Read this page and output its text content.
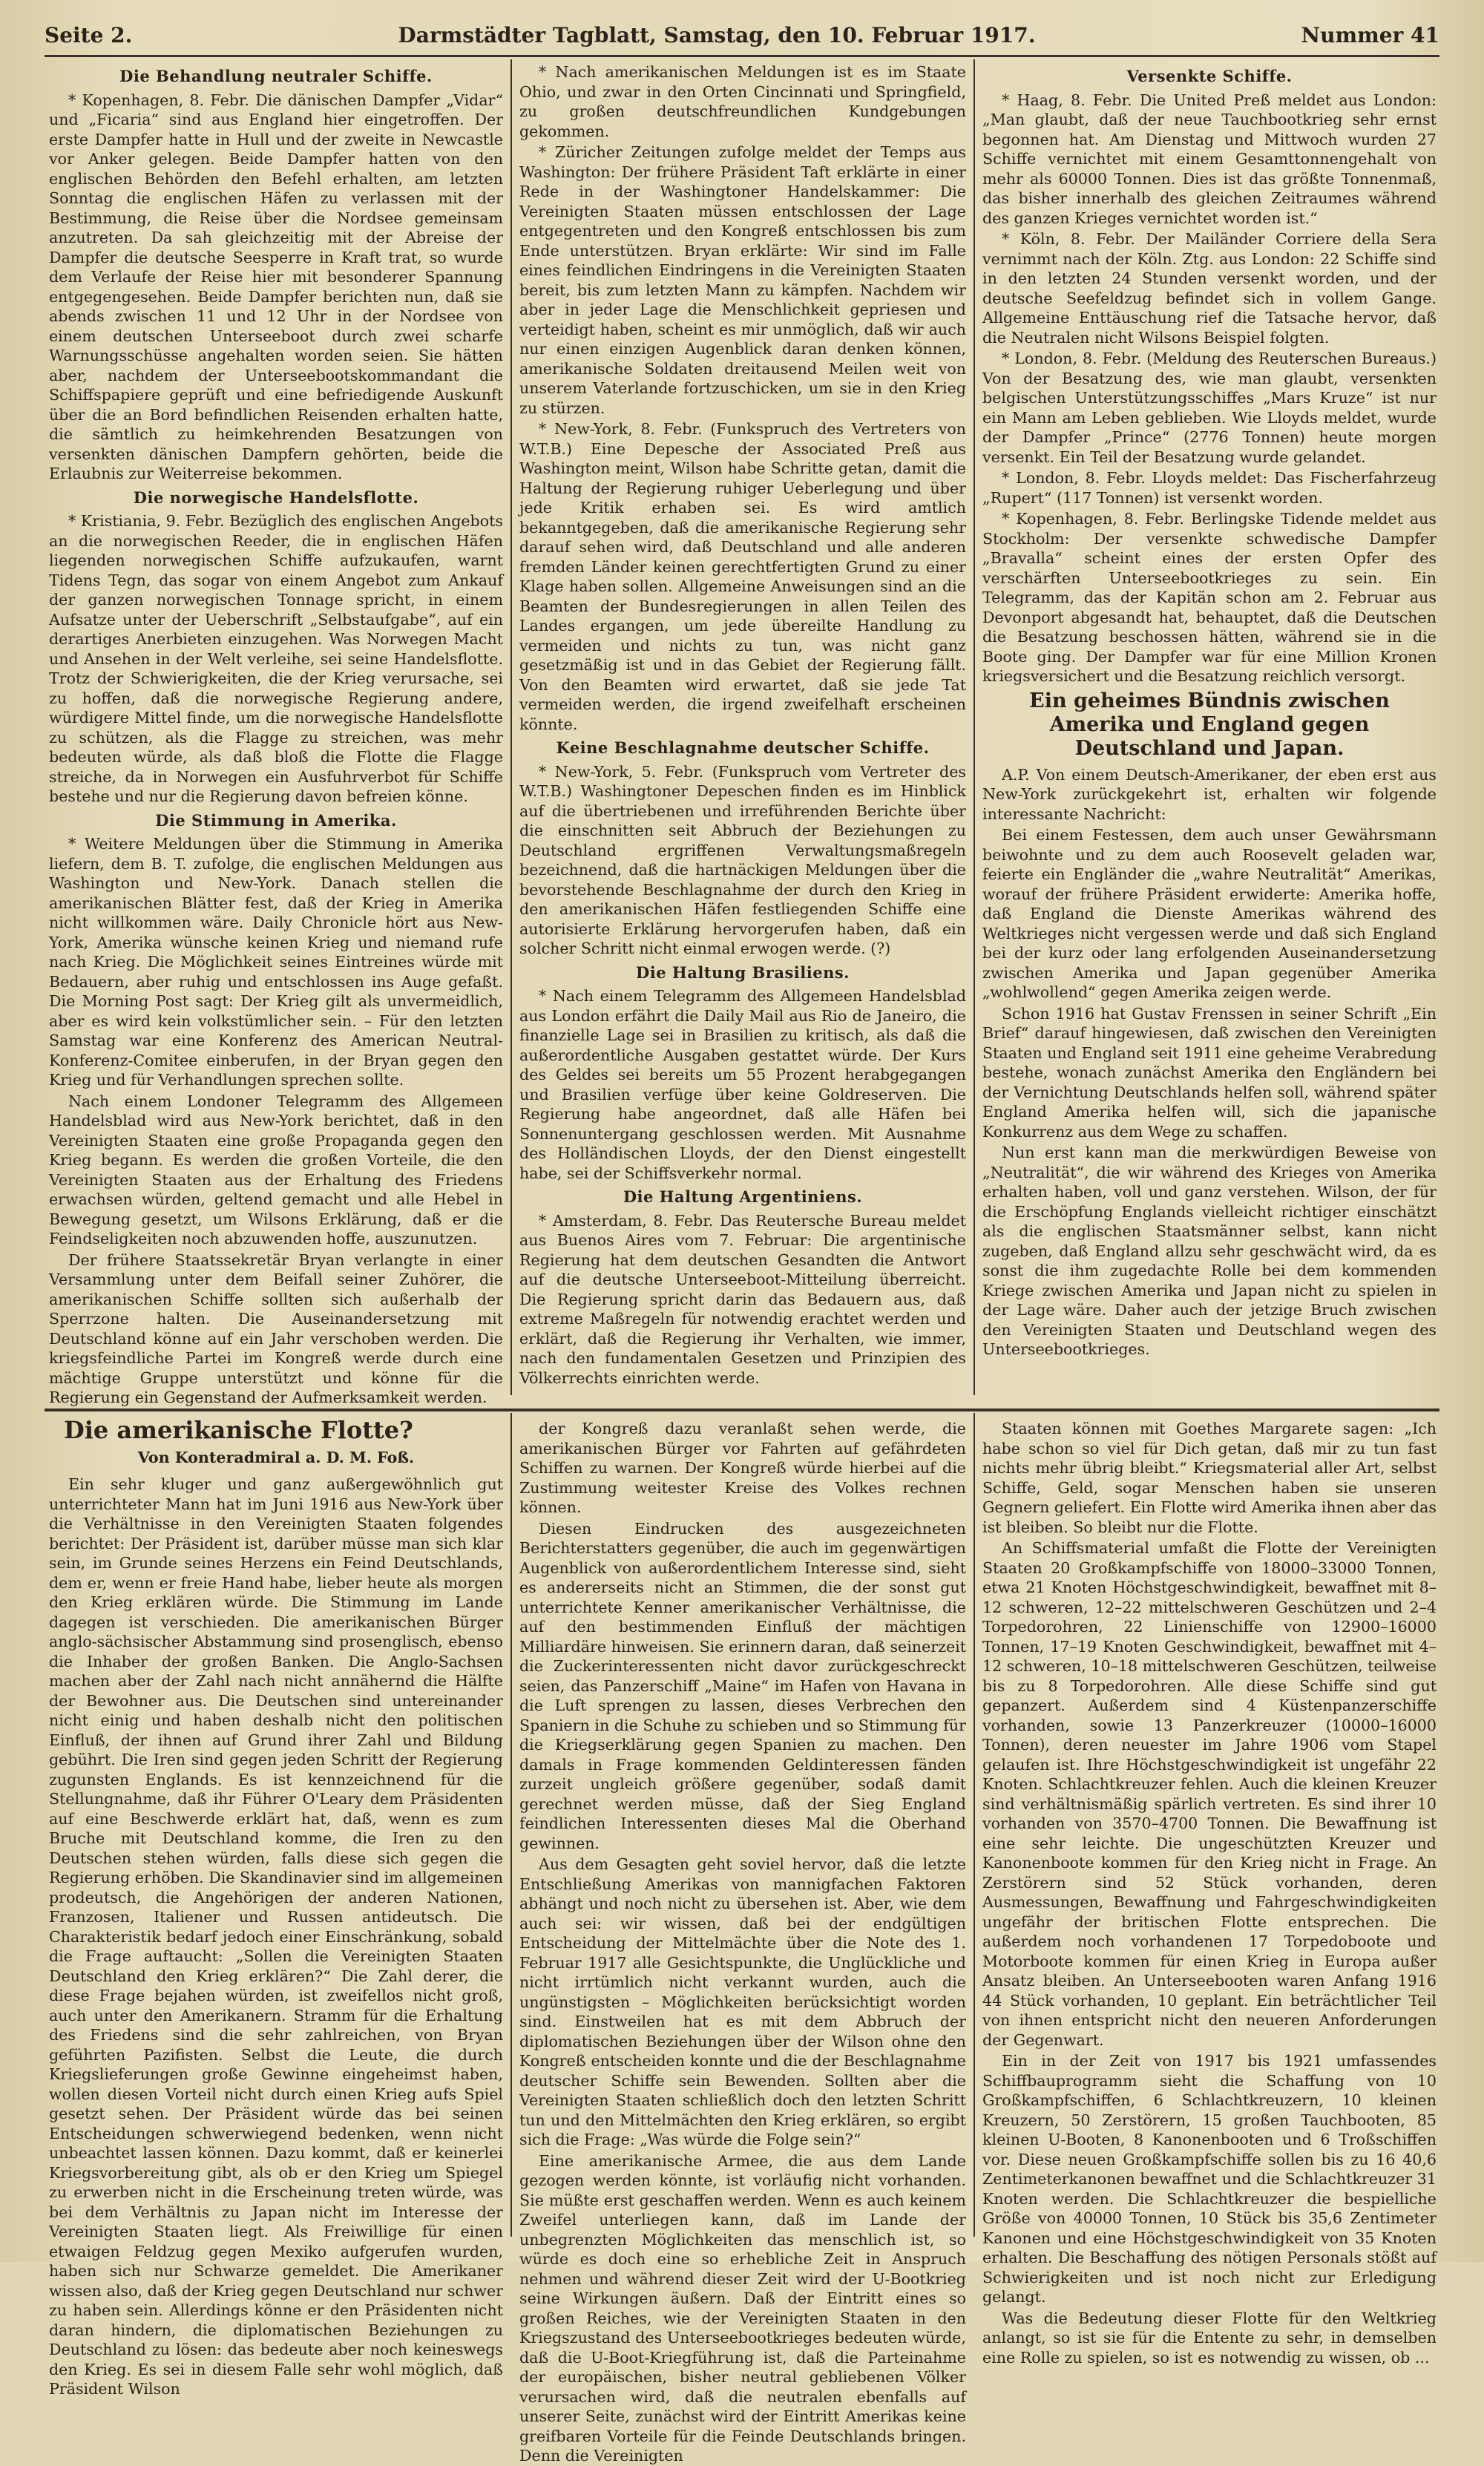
Seite 2.	Darmstädter Tagblatt, Samstag, den 10. Februar 1917.	Nummer 41
Die Behandlung neutraler Schiffe.

* Kopenhagen, 8. Febr. Die dänischen Dampfer „Vidar“ und „Ficaria“ sind aus England hier eingetroffen. Der erste Dampfer hatte in Hull und der zweite in Newcastle vor Anker gelegen. Beide Dampfer hatten von den englischen Behörden den Befehl erhalten, am letzten Sonntag die englischen Häfen zu verlassen mit der Bestimmung, die Reise über die Nordsee gemeinsam anzutreten. Da sah gleichzeitig mit der Abreise der Dampfer die deutsche Seesperre in Kraft trat, so wurde dem Verlaufe der Reise hier mit besonderer Spannung entgegengesehen. Beide Dampfer berichten nun, daß sie abends zwischen 11 und 12 Uhr in der Nordsee von einem deutschen Unterseeboot durch zwei scharfe Warnungsschüsse angehalten worden seien. Sie hätten aber, nachdem der Unterseebootskommandant die Schiffspapiere geprüft und eine befriedigende Auskunft über die an Bord befindlichen Reisenden erhalten hatte, die sämtlich zu heimkehrenden Besatzungen von versenkten dänischen Dampfern gehörten, beide die Erlaubnis zur Weiterreise bekommen.

Die norwegische Handelsflotte.

* Kristiania, 9. Febr. Bezüglich des englischen Angebots an die norwegischen Reeder, die in englischen Häfen liegenden norwegischen Schiffe aufzukaufen, warnt Tidens Tegn, das sogar von einem Angebot zum Ankauf der ganzen norwegischen Tonnage spricht, in einem Aufsatze unter der Ueberschrift „Selbstaufgabe“, auf ein derartiges Anerbieten einzugehen. Was Norwegen Macht und Ansehen in der Welt verleihe, sei seine Handelsflotte. Trotz der Schwierigkeiten, die der Krieg verursache, sei zu hoffen, daß die norwegische Regierung andere, würdigere Mittel finde, um die norwegische Handelsflotte zu schützen, als die Flagge zu streichen, was mehr bedeuten würde, als daß bloß die Flotte die Flagge streiche, da in Norwegen ein Ausfuhrverbot für Schiffe bestehe und nur die Regierung davon befreien könne.

Die Stimmung in Amerika.

* Weitere Meldungen über die Stimmung in Amerika liefern, dem B. T. zufolge, die englischen Meldungen aus Washington und New-York. Danach stellen die amerikanischen Blätter fest, daß der Krieg in Amerika nicht willkommen wäre. Daily Chronicle hört aus New-York, Amerika wünsche keinen Krieg und niemand rufe nach Krieg. Die Möglichkeit seines Eintreines würde mit Bedauern, aber ruhig und entschlossen ins Auge gefaßt. Die Morning Post sagt: Der Krieg gilt als unvermeidlich, aber es wird kein volkstümlicher sein. – Für den letzten Samstag war eine Konferenz des American Neutral-Konferenz-Comitee einberufen, in der Bryan gegen den Krieg und für Verhandlungen sprechen sollte.

Nach einem Londoner Telegramm des Allgemeen Handelsblad wird aus New-York berichtet, daß in den Vereinigten Staaten eine große Propaganda gegen den Krieg begann. Es werden die großen Vorteile, die den Vereinigten Staaten aus der Erhaltung des Friedens erwachsen würden, geltend gemacht und alle Hebel in Bewegung gesetzt, um Wilsons Erklärung, daß er die Feindseligkeiten noch abzuwenden hoffe, auszunutzen.

Der frühere Staatssekretär Bryan verlangte in einer Versammlung unter dem Beifall seiner Zuhörer, die amerikanischen Schiffe sollten sich außerhalb der Sperrzone halten. Die Auseinandersetzung mit Deutschland könne auf ein Jahr verschoben werden. Die kriegsfeindliche Partei im Kongreß werde durch eine mächtige Gruppe unterstützt und könne für die Regierung ein Gegenstand der Aufmerksamkeit werden.

* Nach amerikanischen Meldungen ist es im Staate Ohio, und zwar in den Orten Cincinnati und Springfield, zu großen deutschfreundlichen Kundgebungen gekommen.

* Züricher Zeitungen zufolge meldet der Temps aus Washington: Der frühere Präsident Taft erklärte in einer Rede in der Washingtoner Handelskammer: Die Vereinigten Staaten müssen entschlossen der Lage entgegentreten und den Kongreß entschlossen bis zum Ende unterstützen. Bryan erklärte: Wir sind im Falle eines feindlichen Eindringens in die Vereinigten Staaten bereit, bis zum letzten Mann zu kämpfen. Nachdem wir aber in jeder Lage die Menschlichkeit gepriesen und verteidigt haben, scheint es mir unmöglich, daß wir auch nur einen einzigen Augenblick daran denken können, amerikanische Soldaten dreitausend Meilen weit von unserem Vaterlande fortzuschicken, um sie in den Krieg zu stürzen.

* New-York, 8. Febr. (Funkspruch des Vertreters von W.T.B.) Eine Depesche der Associated Preß aus Washington meint, Wilson habe Schritte getan, damit die Haltung der Regierung ruhiger Ueberlegung und über jede Kritik erhaben sei. Es wird amtlich bekanntgegeben, daß die amerikanische Regierung sehr darauf sehen wird, daß Deutschland und alle anderen fremden Länder keinen gerechtfertigten Grund zu einer Klage haben sollen. Allgemeine Anweisungen sind an die Beamten der Bundesregierungen in allen Teilen des Landes ergangen, um jede übereilte Handlung zu vermeiden und nichts zu tun, was nicht ganz gesetzmäßig ist und in das Gebiet der Regierung fällt. Von den Beamten wird erwartet, daß sie jede Tat vermeiden werden, die irgend zweifelhaft erscheinen könnte.

Keine Beschlagnahme deutscher Schiffe.

* New-York, 5. Febr. (Funkspruch vom Vertreter des W.T.B.) Washingtoner Depeschen finden es im Hinblick auf die übertriebenen und irreführenden Berichte über die einschnitten seit Abbruch der Beziehungen zu Deutschland ergriffenen Verwaltungsmaßregeln bezeichnend, daß die hartnäckigen Meldungen über die bevorstehende Beschlagnahme der durch den Krieg in den amerikanischen Häfen festliegenden Schiffe eine autorisierte Erklärung hervorgerufen haben, daß ein solcher Schritt nicht einmal erwogen werde. (?)

Die Haltung Brasiliens.

* Nach einem Telegramm des Allgemeen Handelsblad aus London erfährt die Daily Mail aus Rio de Janeiro, die finanzielle Lage sei in Brasilien zu kritisch, als daß die außerordentliche Ausgaben gestattet würde. Der Kurs des Geldes sei bereits um 55 Prozent herabgegangen und Brasilien verfüge über keine Goldreserven. Die Regierung habe angeordnet, daß alle Häfen bei Sonnenuntergang geschlossen werden. Mit Ausnahme des Holländischen Lloyds, der den Dienst eingestellt habe, sei der Schiffsverkehr normal.

Die Haltung Argentiniens.

* Amsterdam, 8. Febr. Das Reutersche Bureau meldet aus Buenos Aires vom 7. Februar: Die argentinische Regierung hat dem deutschen Gesandten die Antwort auf die deutsche Unterseeboot-Mitteilung überreicht. Die Regierung spricht darin das Bedauern aus, daß extreme Maßregeln für notwendig erachtet werden und erklärt, daß die Regierung ihr Verhalten, wie immer, nach den fundamentalen Gesetzen und Prinzipien des Völkerrechts einrichten werde.

Versenkte Schiffe.

* Haag, 8. Febr. Die United Preß meldet aus London: „Man glaubt, daß der neue Tauchbootkrieg sehr ernst begonnen hat. Am Dienstag und Mittwoch wurden 27 Schiffe vernichtet mit einem Gesamttonnengehalt von mehr als 60000 Tonnen. Dies ist das größte Tonnenmaß, das bisher innerhalb des gleichen Zeitraumes während des ganzen Krieges vernichtet worden ist.“

* Köln, 8. Febr. Der Mailänder Corriere della Sera vernimmt nach der Köln. Ztg. aus London: 22 Schiffe sind in den letzten 24 Stunden versenkt worden, und der deutsche Seefeldzug befindet sich in vollem Gange. Allgemeine Enttäuschung rief die Tatsache hervor, daß die Neutralen nicht Wilsons Beispiel folgten.

* London, 8. Febr. (Meldung des Reuterschen Bureaus.) Von der Besatzung des, wie man glaubt, versenkten belgischen Unterstützungsschiffes „Mars Kruze“ ist nur ein Mann am Leben geblieben. Wie Lloyds meldet, wurde der Dampfer „Prince“ (2776 Tonnen) heute morgen versenkt. Ein Teil der Besatzung wurde gelandet.

* London, 8. Febr. Lloyds meldet: Das Fischerfahrzeug „Rupert“ (117 Tonnen) ist versenkt worden.

* Kopenhagen, 8. Febr. Berlingske Tidende meldet aus Stockholm: Der versenkte schwedische Dampfer „Bravalla“ scheint eines der ersten Opfer des verschärften Unterseebootkrieges zu sein. Ein Telegramm, das der Kapitän schon am 2. Februar aus Devonport abgesandt hat, behauptet, daß die Deutschen die Besatzung beschossen hätten, während sie in die Boote ging. Der Dampfer war für eine Million Kronen kriegsversichert und die Besatzung reichlich versorgt.

Ein geheimes Bündnis zwischen Amerika und England gegen Deutschland und Japan.

A.P. Von einem Deutsch-Amerikaner, der eben erst aus New-York zurückgekehrt ist, erhalten wir folgende interessante Nachricht:

Bei einem Festessen, dem auch unser Gewährsmann beiwohnte und zu dem auch Roosevelt geladen war, feierte ein Engländer die „wahre Neutralität“ Amerikas, worauf der frühere Präsident erwiderte: Amerika hoffe, daß England die Dienste Amerikas während des Weltkrieges nicht vergessen werde und daß sich England bei der kurz oder lang erfolgenden Auseinandersetzung zwischen Amerika und Japan gegenüber Amerika „wohlwollend“ gegen Amerika zeigen werde.

Schon 1916 hat Gustav Frenssen in seiner Schrift „Ein Brief“ darauf hingewiesen, daß zwischen den Vereinigten Staaten und England seit 1911 eine geheime Verabredung bestehe, wonach zunächst Amerika den Engländern bei der Vernichtung Deutschlands helfen soll, während später England Amerika helfen will, sich die japanische Konkurrenz aus dem Wege zu schaffen.

Nun erst kann man die merkwürdigen Beweise von „Neutralität“, die wir während des Krieges von Amerika erhalten haben, voll und ganz verstehen. Wilson, der für die Erschöpfung Englands vielleicht richtiger einschätzt als die englischen Staatsmänner selbst, kann nicht zugeben, daß England allzu sehr geschwächt wird, da es sonst die ihm zugedachte Rolle bei dem kommenden Kriege zwischen Amerika und Japan nicht zu spielen in der Lage wäre. Daher auch der jetzige Bruch zwischen den Vereinigten Staaten und Deutschland wegen des Unterseebootkrieges.

Die amerikanische Flotte?

Von Konteradmiral a. D. M. Foß.

Ein sehr kluger und ganz außergewöhnlich gut unterrichteter Mann hat im Juni 1916 aus New-York über die Verhältnisse in den Vereinigten Staaten folgendes berichtet: Der Präsident ist, darüber müsse man sich klar sein, im Grunde seines Herzens ein Feind Deutschlands, dem er, wenn er freie Hand habe, lieber heute als morgen den Krieg erklären würde. Die Stimmung im Lande dagegen ist verschieden. Die amerikanischen Bürger anglo-sächsischer Abstammung sind prosenglisch, ebenso die Inhaber der großen Banken. Die Anglo-Sachsen machen aber der Zahl nach nicht annähernd die Hälfte der Bewohner aus. Die Deutschen sind untereinander nicht einig und haben deshalb nicht den politischen Einfluß, der ihnen auf Grund ihrer Zahl und Bildung gebührt. Die Iren sind gegen jeden Schritt der Regierung zugunsten Englands. Es ist kennzeichnend für die Stellungnahme, daß ihr Führer O'Leary dem Präsidenten auf eine Beschwerde erklärt hat, daß, wenn es zum Bruche mit Deutschland komme, die Iren zu den Deutschen stehen würden, falls diese sich gegen die Regierung erhöben. Die Skandinavier sind im allgemeinen prodeutsch, die Angehörigen der anderen Nationen, Franzosen, Italiener und Russen antideutsch. Die Charakteristik bedarf jedoch einer Einschränkung, sobald die Frage auftaucht: „Sollen die Vereinigten Staaten Deutschland den Krieg erklären?“ Die Zahl derer, die diese Frage bejahen würden, ist zweifellos nicht groß, auch unter den Amerikanern. Stramm für die Erhaltung des Friedens sind die sehr zahlreichen, von Bryan geführten Pazifisten. Selbst die Leute, die durch Kriegslieferungen große Gewinne eingeheimst haben, wollen diesen Vorteil nicht durch einen Krieg aufs Spiel gesetzt sehen. Der Präsident würde das bei seinen Entscheidungen schwerwiegend bedenken, wenn nicht unbeachtet lassen können. Dazu kommt, daß er keinerlei Kriegsvorbereitung gibt, als ob er den Krieg um Spiegel zu erwerben nicht in die Erscheinung treten würde, was bei dem Verhältnis zu Japan nicht im Interesse der Vereinigten Staaten liegt. Als Freiwillige für einen etwaigen Feldzug gegen Mexiko aufgerufen wurden, haben sich nur Schwarze gemeldet. Die Amerikaner wissen also, daß der Krieg gegen Deutschland nur schwer zu haben sein. Allerdings könne er den Präsidenten nicht daran hindern, die diplomatischen Beziehungen zu Deutschland zu lösen: das bedeute aber noch keineswegs den Krieg. Es sei in diesem Falle sehr wohl möglich, daß Präsident Wilson

der Kongreß dazu veranlaßt sehen werde, die amerikanischen Bürger vor Fahrten auf gefährdeten Schiffen zu warnen. Der Kongreß würde hierbei auf die Zustimmung weitester Kreise des Volkes rechnen können.

Diesen Eindrucken des ausgezeichneten Berichterstatters gegenüber, die auch im gegenwärtigen Augenblick von außerordentlichem Interesse sind, sieht es andererseits nicht an Stimmen, die der sonst gut unterrichtete Kenner amerikanischer Verhältnisse, die auf den bestimmenden Einfluß der mächtigen Milliardäre hinweisen. Sie erinnern daran, daß seinerzeit die Zuckerinteressenten nicht davor zurückgeschreckt seien, das Panzerschiff „Maine“ im Hafen von Havana in die Luft sprengen zu lassen, dieses Verbrechen den Spaniern in die Schuhe zu schieben und so Stimmung für die Kriegserklärung gegen Spanien zu machen. Den damals in Frage kommenden Geldinteressen fänden zurzeit ungleich größere gegenüber, sodaß damit gerechnet werden müsse, daß der Sieg England feindlichen Interessenten dieses Mal die Oberhand gewinnen.

Aus dem Gesagten geht soviel hervor, daß die letzte Entschließung Amerikas von mannigfachen Faktoren abhängt und noch nicht zu übersehen ist. Aber, wie dem auch sei: wir wissen, daß bei der endgültigen Entscheidung der Mittelmächte über die Note des 1. Februar 1917 alle Gesichtspunkte, die Unglückliche und nicht irrtümlich nicht verkannt wurden, auch die ungünstigsten – Möglichkeiten berücksichtigt worden sind. Einstweilen hat es mit dem Abbruch der diplomatischen Beziehungen über der Wilson ohne den Kongreß entscheiden konnte und die der Beschlagnahme deutscher Schiffe sein Bewenden. Sollten aber die Vereinigten Staaten schließlich doch den letzten Schritt tun und den Mittelmächten den Krieg erklären, so ergibt sich die Frage: „Was würde die Folge sein?“

Eine amerikanische Armee, die aus dem Lande gezogen werden könnte, ist vorläufig nicht vorhanden. Sie müßte erst geschaffen werden. Wenn es auch keinem Zweifel unterliegen kann, daß im Lande der unbegrenzten Möglichkeiten das menschlich ist, so würde es doch eine so erhebliche Zeit in Anspruch nehmen und während dieser Zeit wird der U-Bootkrieg seine Wirkungen äußern. Daß der Eintritt eines so großen Reiches, wie der Vereinigten Staaten in den Kriegszustand des Unterseebootkrieges bedeuten würde, daß die U-Boot-Kriegführung ist, daß die Parteinahme der europäischen, bisher neutral gebliebenen Völker verursachen wird, daß die neutralen ebenfalls auf unserer Seite, zunächst wird der Eintritt Amerikas keine greifbaren Vorteile für die Feinde Deutschlands bringen. Denn die Vereinigten

Staaten können mit Goethes Margarete sagen: „Ich habe schon so viel für Dich getan, daß mir zu tun fast nichts mehr übrig bleibt.“ Kriegsmaterial aller Art, selbst Schiffe, Geld, sogar Menschen haben sie unseren Gegnern geliefert. Ein Flotte wird Amerika ihnen aber das ist bleiben. So bleibt nur die Flotte.

An Schiffsmaterial umfaßt die Flotte der Vereinigten Staaten 20 Großkampfschiffe von 18000–33000 Tonnen, etwa 21 Knoten Höchstgeschwindigkeit, bewaffnet mit 8–12 schweren, 12–22 mittelschweren Geschützen und 2–4 Torpedorohren, 22 Linienschiffe von 12900–16000 Tonnen, 17–19 Knoten Geschwindigkeit, bewaffnet mit 4–12 schweren, 10–18 mittelschweren Geschützen, teilweise bis zu 8 Torpedorohren. Alle diese Schiffe sind gut gepanzert. Außerdem sind 4 Küstenpanzerschiffe vorhanden, sowie 13 Panzerkreuzer (10000–16000 Tonnen), deren neuester im Jahre 1906 vom Stapel gelaufen ist. Ihre Höchstgeschwindigkeit ist ungefähr 22 Knoten. Schlachtkreuzer fehlen. Auch die kleinen Kreuzer sind verhältnismäßig spärlich vertreten. Es sind ihrer 10 vorhanden von 3570–4700 Tonnen. Die Bewaffnung ist eine sehr leichte. Die ungeschützten Kreuzer und Kanonenboote kommen für den Krieg nicht in Frage. An Zerstörern sind 52 Stück vorhanden, deren Ausmessungen, Bewaffnung und Fahrgeschwindigkeiten ungefähr der britischen Flotte entsprechen. Die außerdem noch vorhandenen 17 Torpedoboote und Motorboote kommen für einen Krieg in Europa außer Ansatz bleiben. An Unterseebooten waren Anfang 1916 44 Stück vorhanden, 10 geplant. Ein beträchtlicher Teil von ihnen entspricht nicht den neueren Anforderungen der Gegenwart.

Ein in der Zeit von 1917 bis 1921 umfassendes Schiffbauprogramm sieht die Schaffung von 10 Großkampfschiffen, 6 Schlachtkreuzern, 10 kleinen Kreuzern, 50 Zerstörern, 15 großen Tauchbooten, 85 kleinen U-Booten, 8 Kanonenbooten und 6 Troßschiffen vor. Diese neuen Großkampfschiffe sollen bis zu 16 40,6 Zentimeterkanonen bewaffnet und die Schlachtkreuzer 31 Knoten werden. Die Schlachtkreuzer die bespielliche Größe von 40000 Tonnen, 10 Stück bis 35,6 Zentimeter Kanonen und eine Höchstgeschwindigkeit von 35 Knoten erhalten. Die Beschaffung des nötigen Personals stößt auf Schwierigkeiten und ist noch nicht zur Erledigung gelangt.

Was die Bedeutung dieser Flotte für den Weltkrieg anlangt, so ist sie für die Entente zu sehr, in demselben eine Rolle zu spielen, so ist es notwendig zu wissen, ob ...
